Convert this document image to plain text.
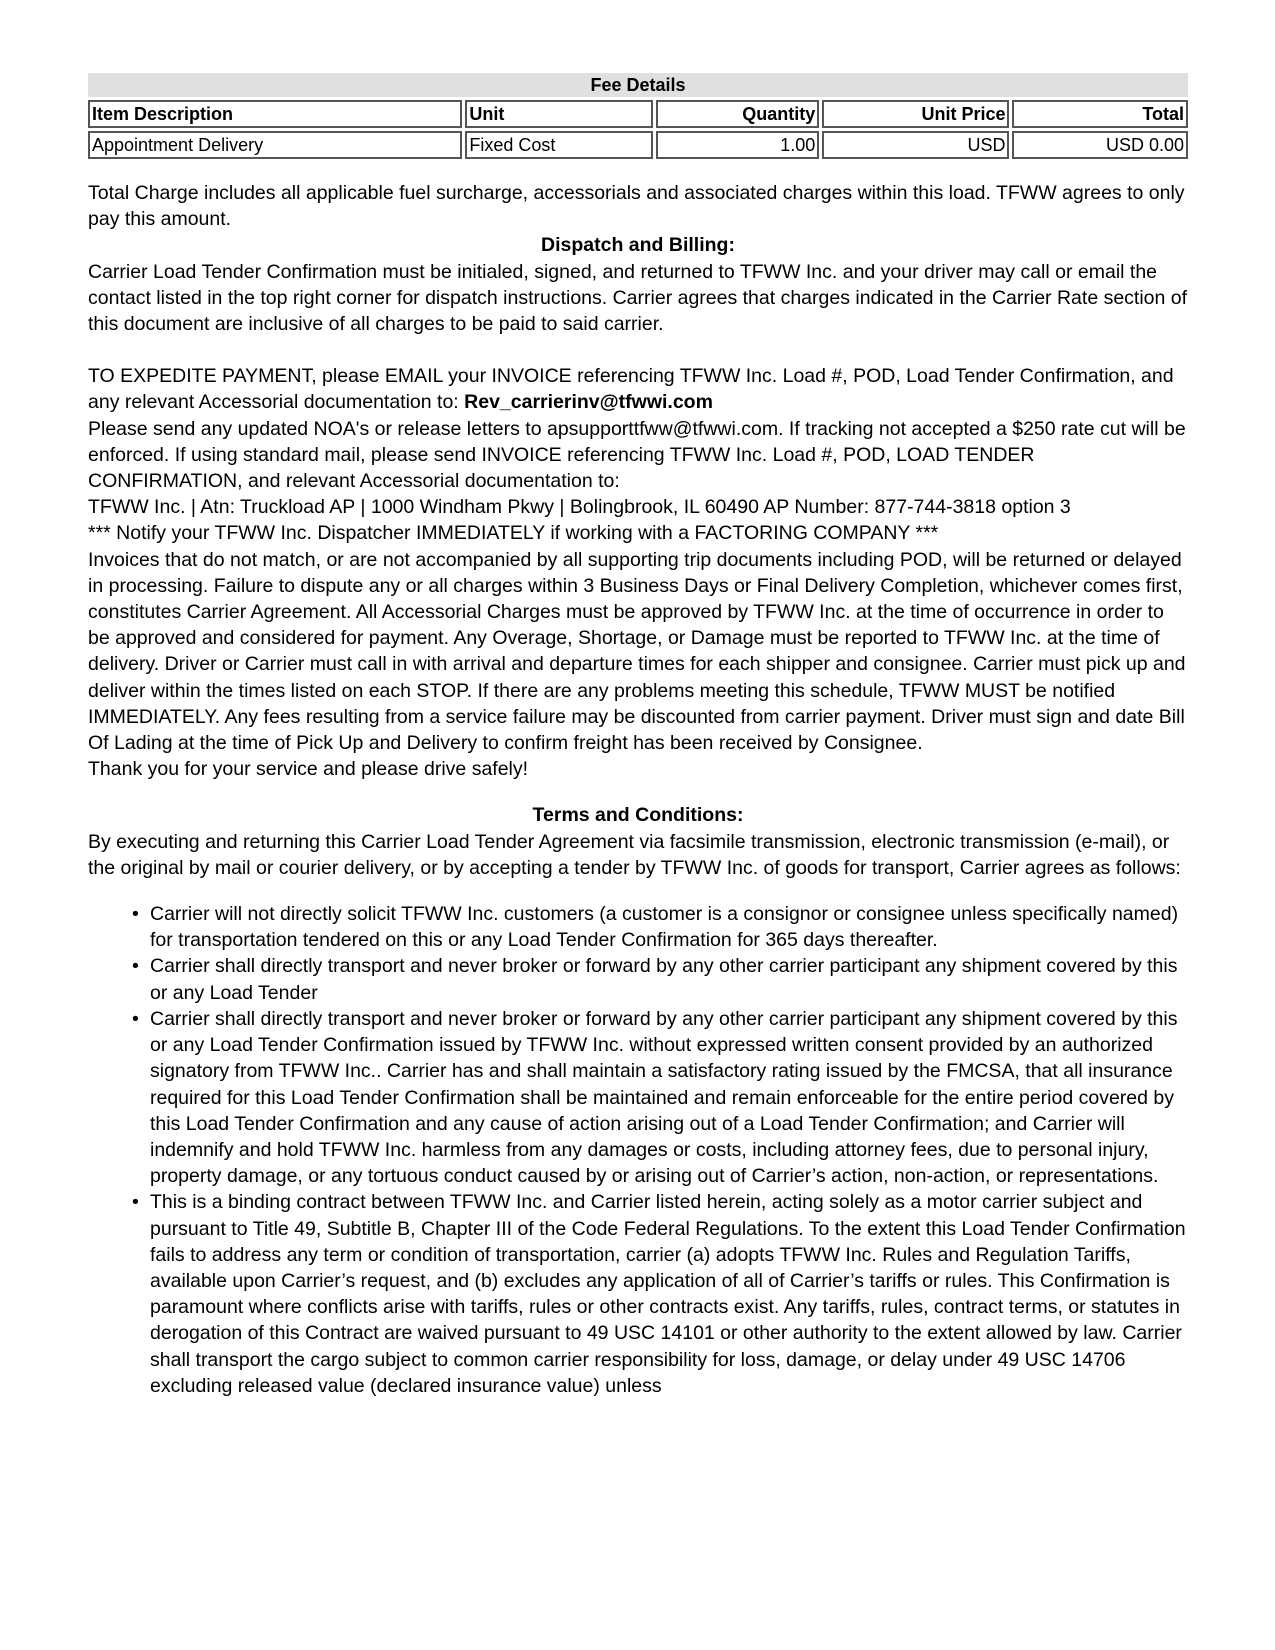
Fee Details
Item Description	Unit	Quantity	Unit Price	Total
Appointment Delivery	Fixed Cost	1.00	USD	USD 0.00

Total Charge includes all applicable fuel surcharge, accessorials and associated charges within this load. TFWW agrees to only pay this amount.

Dispatch and Billing:

Carrier Load Tender Confirmation must be initialed, signed, and returned to TFWW Inc. and your driver may call or email the contact listed in the top right corner for dispatch instructions. Carrier agrees that charges indicated in the Carrier Rate section of this document are inclusive of all charges to be paid to said carrier.

TO EXPEDITE PAYMENT, please EMAIL your INVOICE referencing TFWW Inc. Load #, POD, Load Tender Confirmation, and any relevant Accessorial documentation to: Rev_carrierinv@tfwwi.com

Please send any updated NOA's or release letters to apsupporttfww@tfwwi.com. If tracking not accepted a $250 rate cut will be enforced. If using standard mail, please send INVOICE referencing TFWW Inc. Load #, POD, LOAD TENDER CONFIRMATION, and relevant Accessorial documentation to:

TFWW Inc. | Atn: Truckload AP | 1000 Windham Pkwy | Bolingbrook, IL 60490 AP Number: 877-744-3818 option 3

*** Notify your TFWW Inc. Dispatcher IMMEDIATELY if working with a FACTORING COMPANY ***

Invoices that do not match, or are not accompanied by all supporting trip documents including POD, will be returned or delayed in processing. Failure to dispute any or all charges within 3 Business Days or Final Delivery Completion, whichever comes first, constitutes Carrier Agreement. All Accessorial Charges must be approved by TFWW Inc. at the time of occurrence in order to be approved and considered for payment. Any Overage, Shortage, or Damage must be reported to TFWW Inc. at the time of delivery. Driver or Carrier must call in with arrival and departure times for each shipper and consignee. Carrier must pick up and deliver within the times listed on each STOP. If there are any problems meeting this schedule, TFWW MUST be notified IMMEDIATELY. Any fees resulting from a service failure may be discounted from carrier payment. Driver must sign and date Bill Of Lading at the time of Pick Up and Delivery to confirm freight has been received by Consignee.

Thank you for your service and please drive safely!

Terms and Conditions:

By executing and returning this Carrier Load Tender Agreement via facsimile transmission, electronic transmission (e-mail), or the original by mail or courier delivery, or by accepting a tender by TFWW Inc. of goods for transport, Carrier agrees as follows:

• Carrier will not directly solicit TFWW Inc. customers (a customer is a consignor or consignee unless specifically named) for transportation tendered on this or any Load Tender Confirmation for 365 days thereafter.
• Carrier shall directly transport and never broker or forward by any other carrier participant any shipment covered by this or any Load Tender
• Carrier shall directly transport and never broker or forward by any other carrier participant any shipment covered by this or any Load Tender Confirmation issued by TFWW Inc. without expressed written consent provided by an authorized signatory from TFWW Inc.. Carrier has and shall maintain a satisfactory rating issued by the FMCSA, that all insurance required for this Load Tender Confirmation shall be maintained and remain enforceable for the entire period covered by this Load Tender Confirmation and any cause of action arising out of a Load Tender Confirmation; and Carrier will indemnify and hold TFWW Inc. harmless from any damages or costs, including attorney fees, due to personal injury, property damage, or any tortuous conduct caused by or arising out of Carrier’s action, non-action, or representations.
• This is a binding contract between TFWW Inc. and Carrier listed herein, acting solely as a motor carrier subject and pursuant to Title 49, Subtitle B, Chapter III of the Code Federal Regulations. To the extent this Load Tender Confirmation fails to address any term or condition of transportation, carrier (a) adopts TFWW Inc. Rules and Regulation Tariffs, available upon Carrier’s request, and (b) excludes any application of all of Carrier’s tariffs or rules. This Confirmation is paramount where conflicts arise with tariffs, rules or other contracts exist. Any tariffs, rules, contract terms, or statutes in derogation of this Contract are waived pursuant to 49 USC 14101 or other authority to the extent allowed by law. Carrier shall transport the cargo subject to common carrier responsibility for loss, damage, or delay under 49 USC 14706 excluding released value (declared insurance value) unless
